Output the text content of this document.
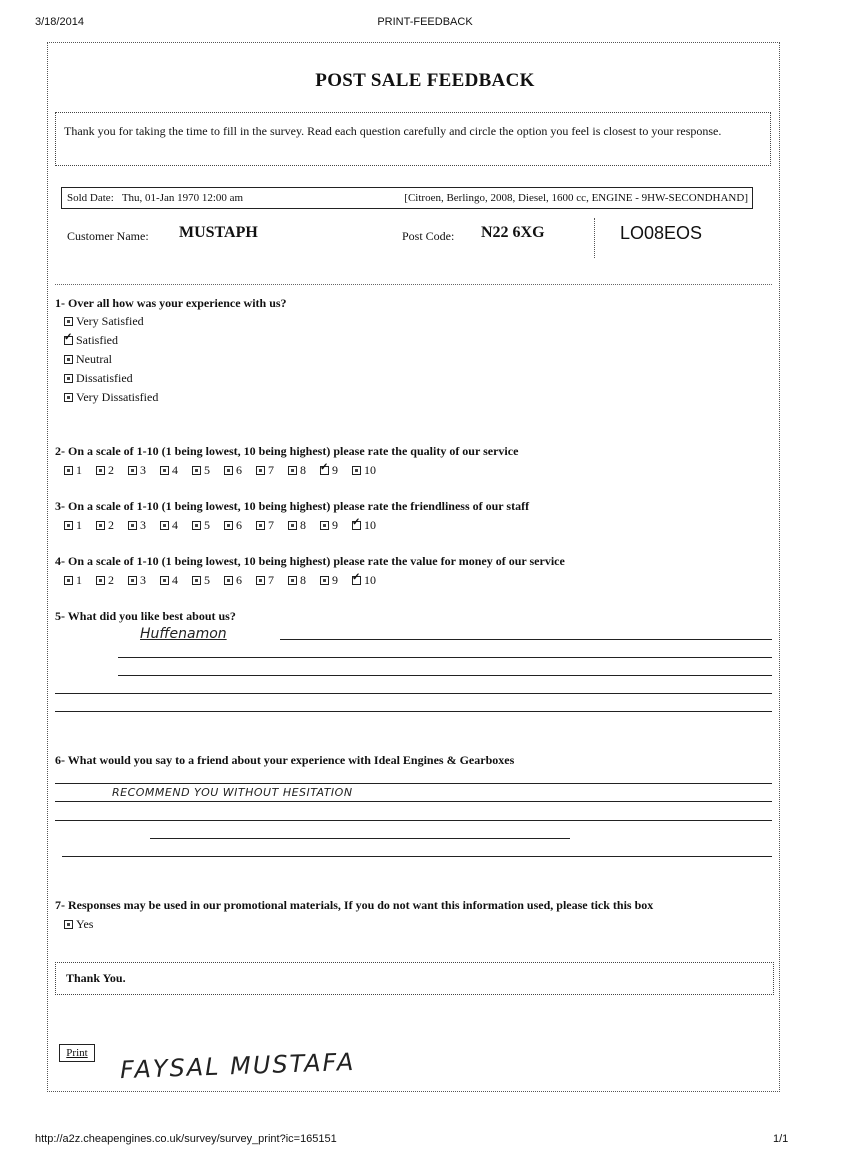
3/18/2014	PRINT-FEEDBACK
POST SALE FEEDBACK
Thank you for taking the time to fill in the survey. Read each question carefully and circle the option you feel is closest to your response.
Sold Date: Thu, 01-Jan 1970 12:00 am	[Citroen, Berlingo, 2008, Diesel, 1600 cc, ENGINE - 9HW-SECONDHAND]
Customer Name: MUSTAPH	Post Code: N22 6XG	LO08EOS
1- Over all how was your experience with us?
Very Satisfied
✓
Satisfied
Neutral
Dissatisfied
Very Dissatisfied
2- On a scale of 1-10 (1 being lowest, 10 being highest) please rate the quality of our service
1 2 3 4 5 6 7 8 ✓ 9 10
3- On a scale of 1-10 (1 being lowest, 10 being highest) please rate the friendliness of our staff
1 2 3 4 5 6 7 8 9 ✓ 10
4- On a scale of 1-10 (1 being lowest, 10 being highest) please rate the value for money of our service
1 2 3 4 5 6 7 8 9 ✓ 10
5- What did you like best about us?
Huffenamon
6- What would you say to a friend about your experience with Ideal Engines & Gearboxes
RECOMMEND YOU WITHOUT HESITATION
7- Responses may be used in our promotional materials, If you do not want this information used, please tick this box
Yes
Thank You.
Print	FAYSAL MUSTAFA
http://a2z.cheapengines.co.uk/survey/survey_print?ic=165151	1/1
